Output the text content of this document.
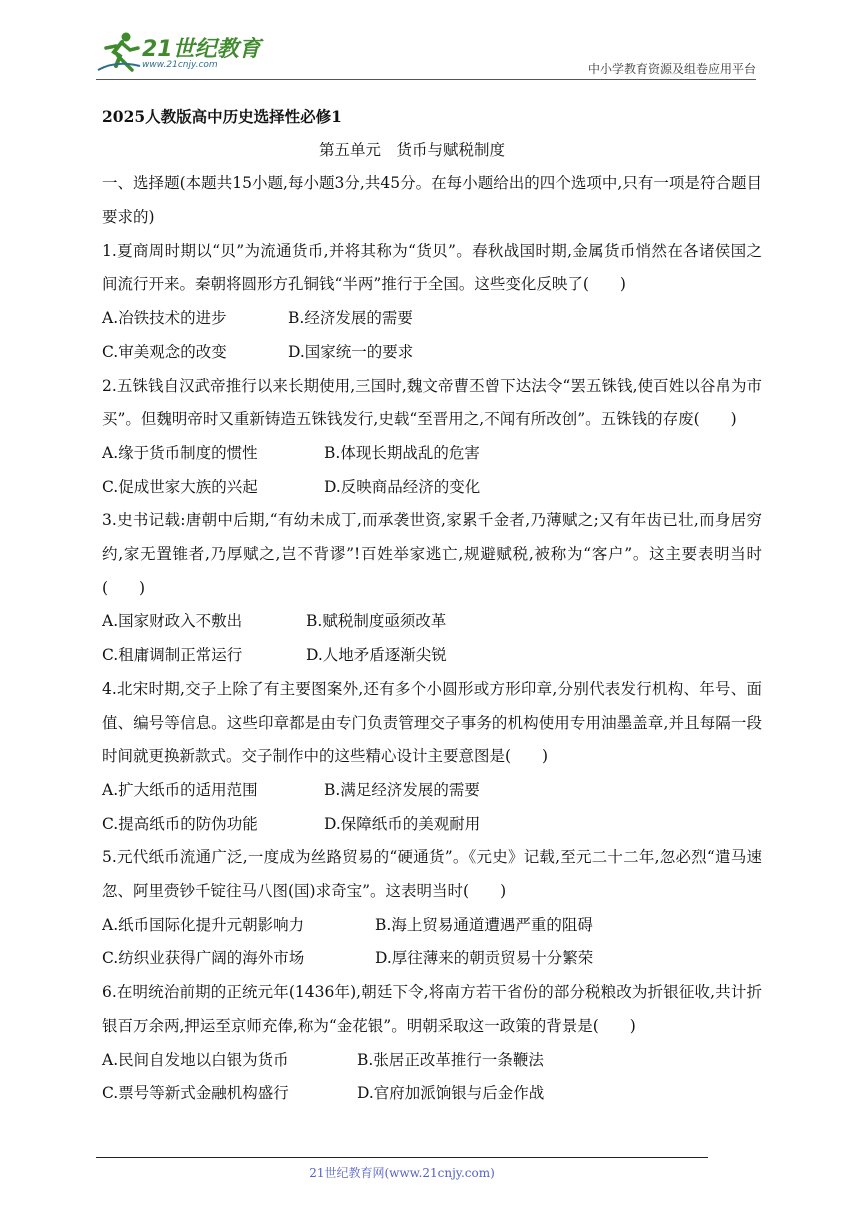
21世纪教育
www.21cnjy.com	中小学教育资源及组卷应用平台
2025人教版高中历史选择性必修1
第五单元　货币与赋税制度
一、选择题(本题共15小题,每小题3分,共45分。在每小题给出的四个选项中,只有一项是符合题目要求的)
1.夏商周时期以“贝”为流通货币,并将其称为“货贝”。春秋战国时期,金属货币悄然在各诸侯国之间流行开来。秦朝将圆形方孔铜钱“半两”推行于全国。这些变化反映了(　　)
A.冶铁技术的进步	B.经济发展的需要
C.审美观念的改变	D.国家统一的要求
2.五铢钱自汉武帝推行以来长期使用,三国时,魏文帝曹丕曾下达法令“罢五铢钱,使百姓以谷帛为市买”。但魏明帝时又重新铸造五铢钱发行,史载“至晋用之,不闻有所改创”。五铢钱的存废(　　)
A.缘于货币制度的惯性	B.体现长期战乱的危害
C.促成世家大族的兴起	D.反映商品经济的变化
3.史书记载:唐朝中后期,“有幼未成丁,而承袭世资,家累千金者,乃薄赋之;又有年齿已壮,而身居穷约,家无置锥者,乃厚赋之,岂不背谬”!百姓举家逃亡,规避赋税,被称为“客户”。这主要表明当时(　　)
A.国家财政入不敷出	B.赋税制度亟须改革
C.租庸调制正常运行	D.人地矛盾逐渐尖锐
4.北宋时期,交子上除了有主要图案外,还有多个小圆形或方形印章,分别代表发行机构、年号、面值、编号等信息。这些印章都是由专门负责管理交子事务的机构使用专用油墨盖章,并且每隔一段时间就更换新款式。交子制作中的这些精心设计主要意图是(　　)
A.扩大纸币的适用范围	B.满足经济发展的需要
C.提高纸币的防伪功能	D.保障纸币的美观耐用
5.元代纸币流通广泛,一度成为丝路贸易的“硬通货”。《元史》记载,至元二十二年,忽必烈“遣马速忽、阿里赍钞千锭往马八图(国)求奇宝”。这表明当时(　　)
A.纸币国际化提升元朝影响力	B.海上贸易通道遭遇严重的阻碍
C.纺织业获得广阔的海外市场	D.厚往薄来的朝贡贸易十分繁荣
6.在明统治前期的正统元年(1436年),朝廷下令,将南方若干省份的部分税粮改为折银征收,共计折银百万余两,押运至京师充俸,称为“金花银”。明朝采取这一政策的背景是(　　)
A.民间自发地以白银为货币	B.张居正改革推行一条鞭法
C.票号等新式金融机构盛行	D.官府加派饷银与后金作战
21世纪教育网(www.21cnjy.com)
